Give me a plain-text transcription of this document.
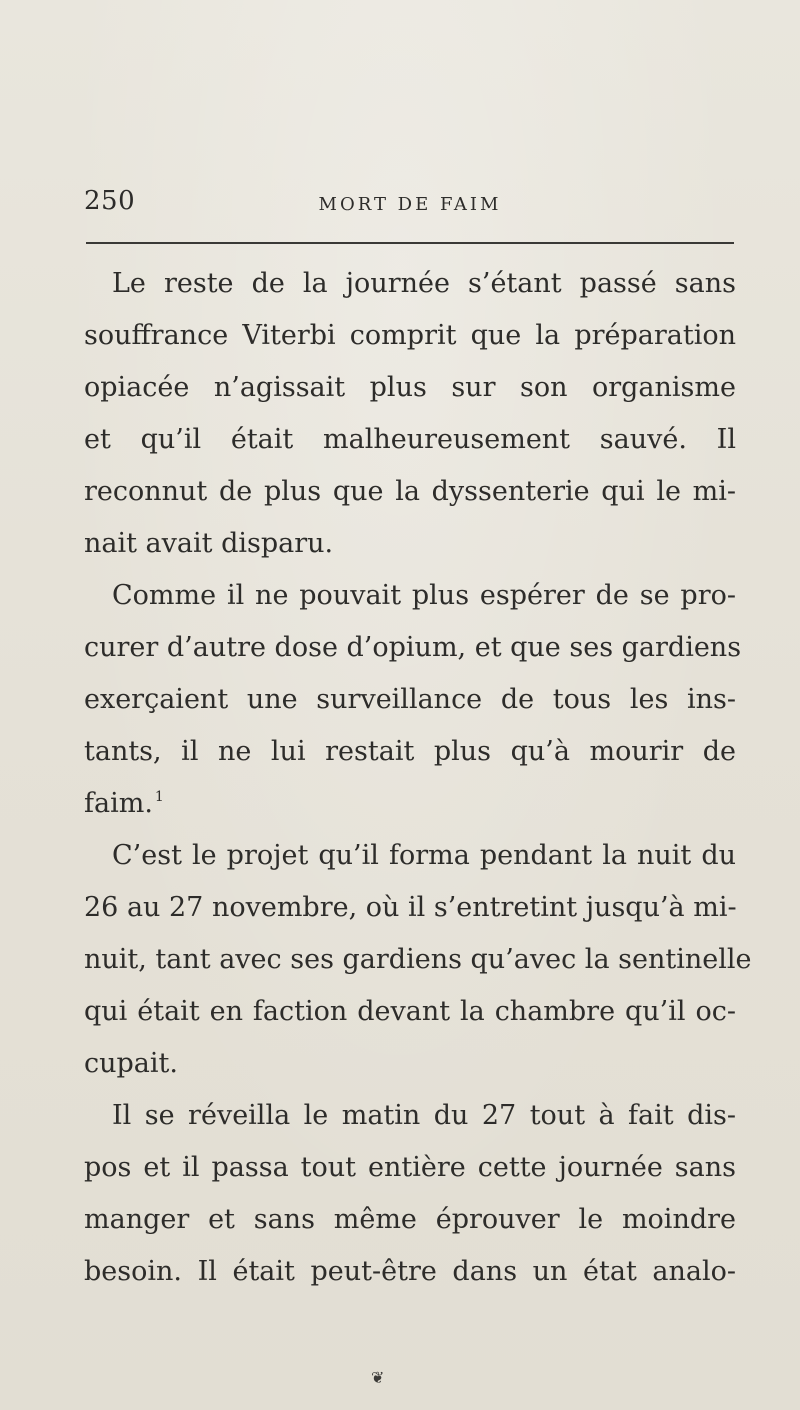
250	MORT DE FAIM
Le reste de la journée s’étant passé sans
souffrance Viterbi comprit que la préparation
opiacée n’agissait plus sur son organisme
et qu’il était malheureusement sauvé. Il
reconnut de plus que la dyssenterie qui le mi-
nait avait disparu.
Comme il ne pouvait plus espérer de se pro-
curer d’autre dose d’opium, et que ses gardiens
exerçaient une surveillance de tous les ins-
tants, il ne lui restait plus qu’à mourir de
faim. $^1$
C’est le projet qu’il forma pendant la nuit du
26 au 27 novembre, où il s’entretint jusqu’à mi-
nuit, tant avec ses gardiens qu’avec la sentinelle
qui était en faction devant la chambre qu’il oc-
cupait.
Il se réveilla le matin du 27 tout à fait dis-
pos et il passa tout entière cette journée sans
manger et sans même éprouver le moindre
besoin. Il était peut-être dans un état analo-
❦
